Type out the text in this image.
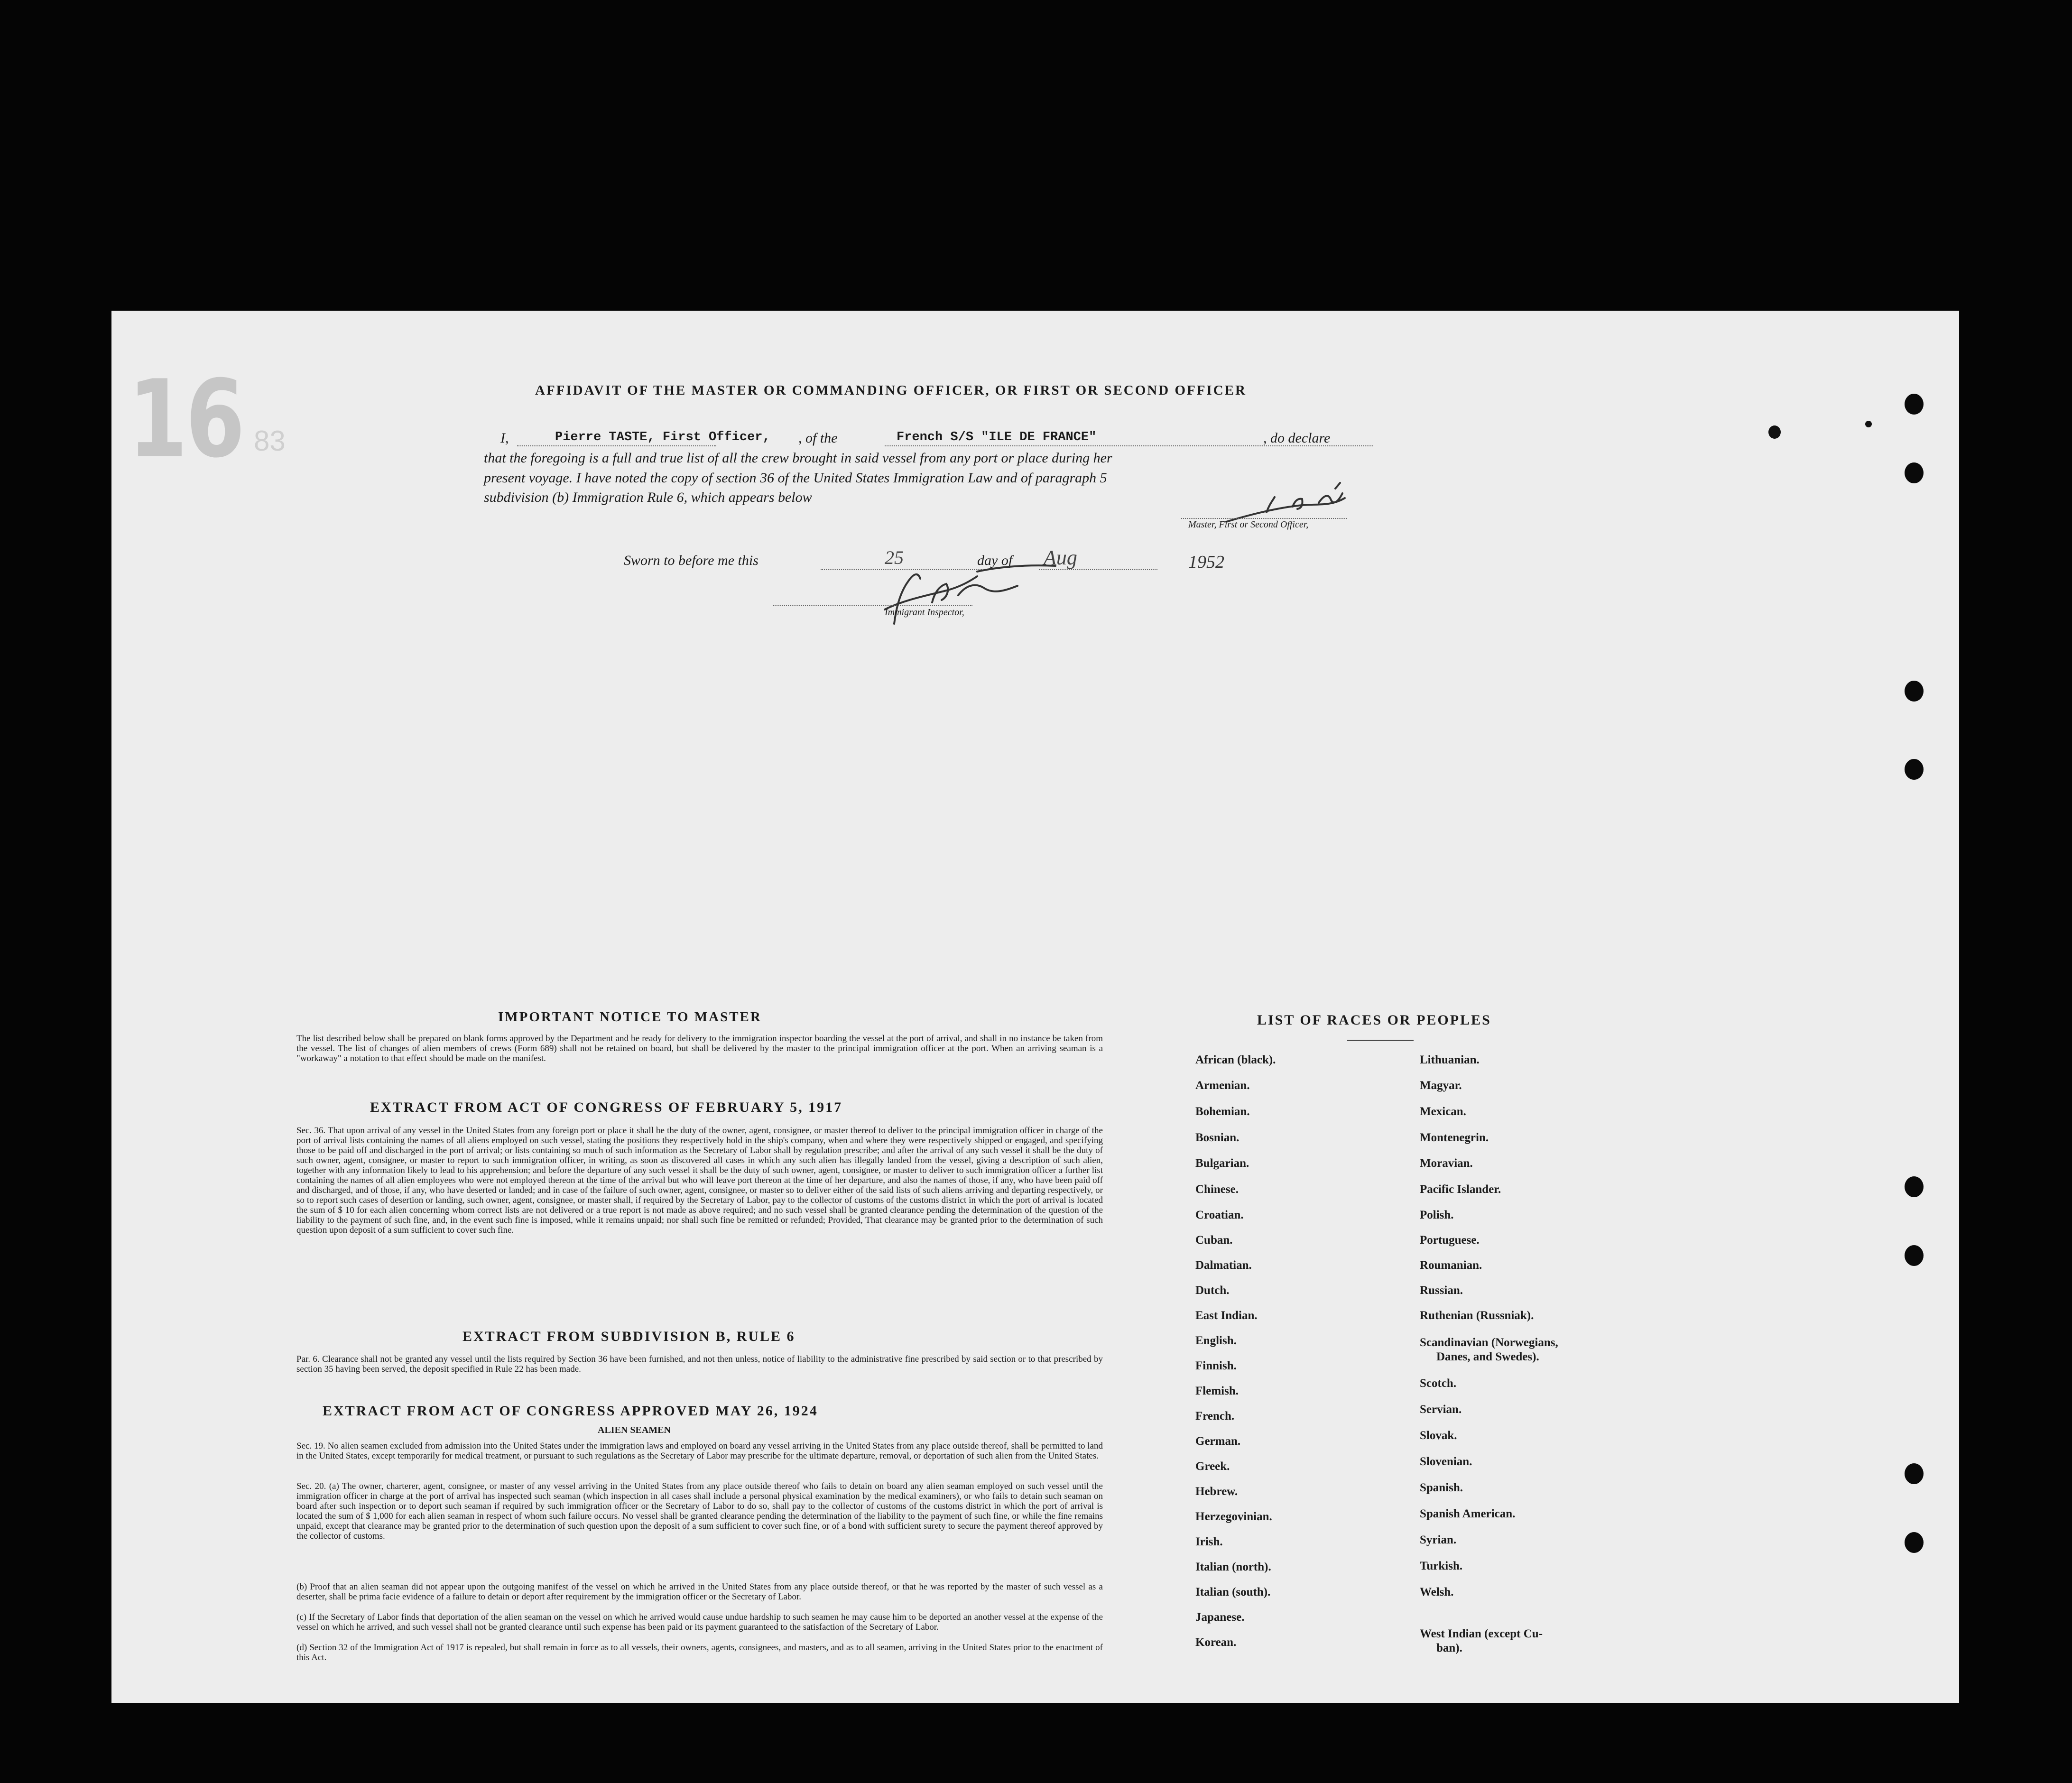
16 83
AFFIDAVIT OF THE MASTER OR COMMANDING OFFICER, OR FIRST OR SECOND OFFICER
I,	Pierre TASTE, First Officer, , of the	French S/S "ILE DE FRANCE"	, do declare
that the foregoing is a full and true list of all the crew brought in said vessel from any port or place during her
present voyage. I have noted the copy of section 36 of the United States Immigration Law and of paragraph 5
subdivision (b) Immigration Rule 6, which appears below
Master, First or Second Officer,
Sworn to before me this	25	day of Aug	1952
Immigrant Inspector,
IMPORTANT NOTICE TO MASTER
The list described below shall be prepared on blank forms approved by the Department and be ready for delivery to the immigration inspector boarding the vessel at the port of arrival, and shall in no instance be taken from the vessel. The list of changes of alien members of crews (Form 689) shall not be retained on board, but shall be delivered by the master to the principal immigration officer at the port. When an arriving seaman is a "workaway" a notation to that effect should be made on the manifest.
EXTRACT FROM ACT OF CONGRESS OF FEBRUARY 5, 1917
Sec. 36. That upon arrival of any vessel in the United States from any foreign port or place it shall be the duty of the owner, agent, consignee, or master thereof to deliver to the principal immigration officer in charge of the port of arrival lists containing the names of all aliens employed on such vessel, stating the positions they respectively hold in the ship's company, when and where they were respectively shipped or engaged, and specifying those to be paid off and discharged in the port of arrival; or lists containing so much of such information as the Secretary of Labor shall by regulation prescribe; and after the arrival of any such vessel it shall be the duty of such owner, agent, consignee, or master to report to such immigration officer, in writing, as soon as discovered all cases in which any such alien has illegally landed from the vessel, giving a description of such alien, together with any information likely to lead to his apprehension; and before the departure of any such vessel it shall be the duty of such owner, agent, consignee, or master to deliver to such immigration officer a further list containing the names of all alien employees who were not employed thereon at the time of the arrival but who will leave port thereon at the time of her departure, and also the names of those, if any, who have been paid off and discharged, and of those, if any, who have deserted or landed; and in case of the failure of such owner, agent, consignee, or master so to deliver either of the said lists of such aliens arriving and departing respectively, or so to report such cases of desertion or landing, such owner, agent, consignee, or master shall, if required by the Secretary of Labor, pay to the collector of customs of the customs district in which the port of arrival is located the sum of $ 10 for each alien concerning whom correct lists are not delivered or a true report is not made as above required; and no such vessel shall be granted clearance pending the determination of the question of the liability to the payment of such fine, and, in the event such fine is imposed, while it remains unpaid; nor shall such fine be remitted or refunded; Provided, That clearance may be granted prior to the determination of such question upon deposit of a sum sufficient to cover such fine.
EXTRACT FROM SUBDIVISION B, RULE 6
Par. 6. Clearance shall not be granted any vessel until the lists required by Section 36 have been furnished, and not then unless, notice of liability to the administrative fine prescribed by said section or to that prescribed by section 35 having been served, the deposit specified in Rule 22 has been made.
EXTRACT FROM ACT OF CONGRESS APPROVED MAY 26, 1924
ALIEN SEAMEN
Sec. 19. No alien seamen excluded from admission into the United States under the immigration laws and employed on board any vessel arriving in the United States from any place outside thereof, shall be permitted to land in the United States, except temporarily for medical treatment, or pursuant to such regulations as the Secretary of Labor may prescribe for the ultimate departure, removal, or deportation of such alien from the United States.
Sec. 20. (a) The owner, charterer, agent, consignee, or master of any vessel arriving in the United States from any place outside thereof who fails to detain on board any alien seaman employed on such vessel until the immigration officer in charge at the port of arrival has inspected such seaman (which inspection in all cases shall include a personal physical examination by the medical examiners), or who fails to detain such seaman on board after such inspection or to deport such seaman if required by such immigration officer or the Secretary of Labor to do so, shall pay to the collector of customs of the customs district in which the port of arrival is located the sum of $ 1,000 for each alien seaman in respect of whom such failure occurs. No vessel shall be granted clearance pending the determination of the liability to the payment of such fine, or while the fine remains unpaid, except that clearance may be granted prior to the determination of such question upon the deposit of a sum sufficient to cover such fine, or of a bond with sufficient surety to secure the payment thereof approved by the collector of customs.
(b) Proof that an alien seaman did not appear upon the outgoing manifest of the vessel on which he arrived in the United States from any place outside thereof, or that he was reported by the master of such vessel as a deserter, shall be prima facie evidence of a failure to detain or deport after requirement by the immigration officer or the Secretary of Labor.
(c) If the Secretary of Labor finds that deportation of the alien seaman on the vessel on which he arrived would cause undue hardship to such seamen he may cause him to be deported an another vessel at the expense of the vessel on which he arrived, and such vessel shall not be granted clearance until such expense has been paid or its payment guaranteed to the satisfaction of the Secretary of Labor.
(d) Section 32 of the Immigration Act of 1917 is repealed, but shall remain in force as to all vessels, their owners, agents, consignees, and masters, and as to all seamen, arriving in the United States prior to the enactment of this Act.
LIST OF RACES OR PEOPLES
African (black).
Armenian.
Bohemian.
Bosnian.
Bulgarian.
Chinese.
Croatian.
Cuban.
Dalmatian.
Dutch.
East Indian.
English.
Finnish.
Flemish.
French.
German.
Greek.
Hebrew.
Herzegovinian.
Irish.
Italian (north).
Italian (south).
Japanese.
Korean.
Lithuanian.
Magyar.
Mexican.
Montenegrin.
Moravian.
Pacific Islander.
Polish.
Portuguese.
Roumanian.
Russian.
Ruthenian (Russniak).
Scandinavian (Norwegians,
Danes, and Swedes).
Scotch.
Servian.
Slovak.
Slovenian.
Spanish.
Spanish American.
Syrian.
Turkish.
Welsh.
West Indian (except Cu-
ban).
